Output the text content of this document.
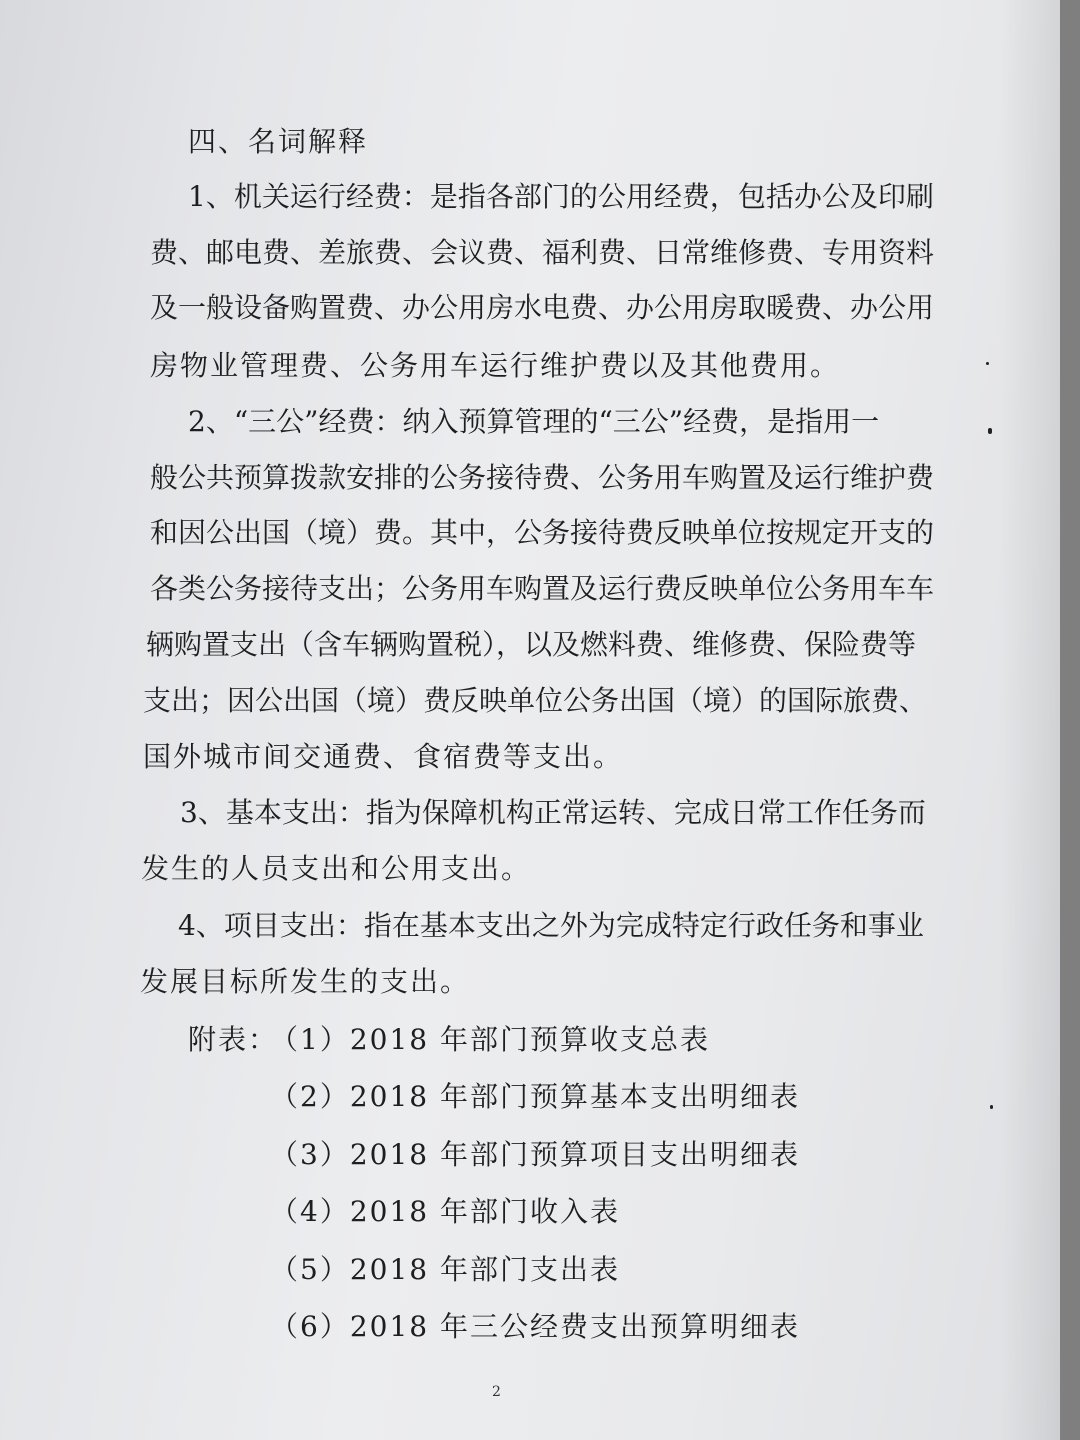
四、名词解释

1、机关运行经费：是指各部门的公用经费，包括办公及印刷

费、邮电费、差旅费、会议费、福利费、日常维修费、专用资料

及一般设备购置费、办公用房水电费、办公用房取暖费、办公用

房物业管理费、公务用车运行维护费以及其他费用。

2、“三公”经费：纳入预算管理的“三公”经费，是指用一

般公共预算拨款安排的公务接待费、公务用车购置及运行维护费

和因公出国（境）费。其中，公务接待费反映单位按规定开支的

各类公务接待支出；公务用车购置及运行费反映单位公务用车车

辆购置支出（含车辆购置税），以及燃料费、维修费、保险费等

支出；因公出国（境）费反映单位公务出国（境）的国际旅费、

国外城市间交通费、食宿费等支出。

3、基本支出：指为保障机构正常运转、完成日常工作任务而

发生的人员支出和公用支出。

4、项目支出：指在基本支出之外为完成特定行政任务和事业

发展目标所发生的支出。

附表：

（1）2018 年部门预算收支总表

（2）2018 年部门预算基本支出明细表

（3）2018 年部门预算项目支出明细表

（4）2018 年部门收入表

（5）2018 年部门支出表

（6）2018 年三公经费支出预算明细表

2
